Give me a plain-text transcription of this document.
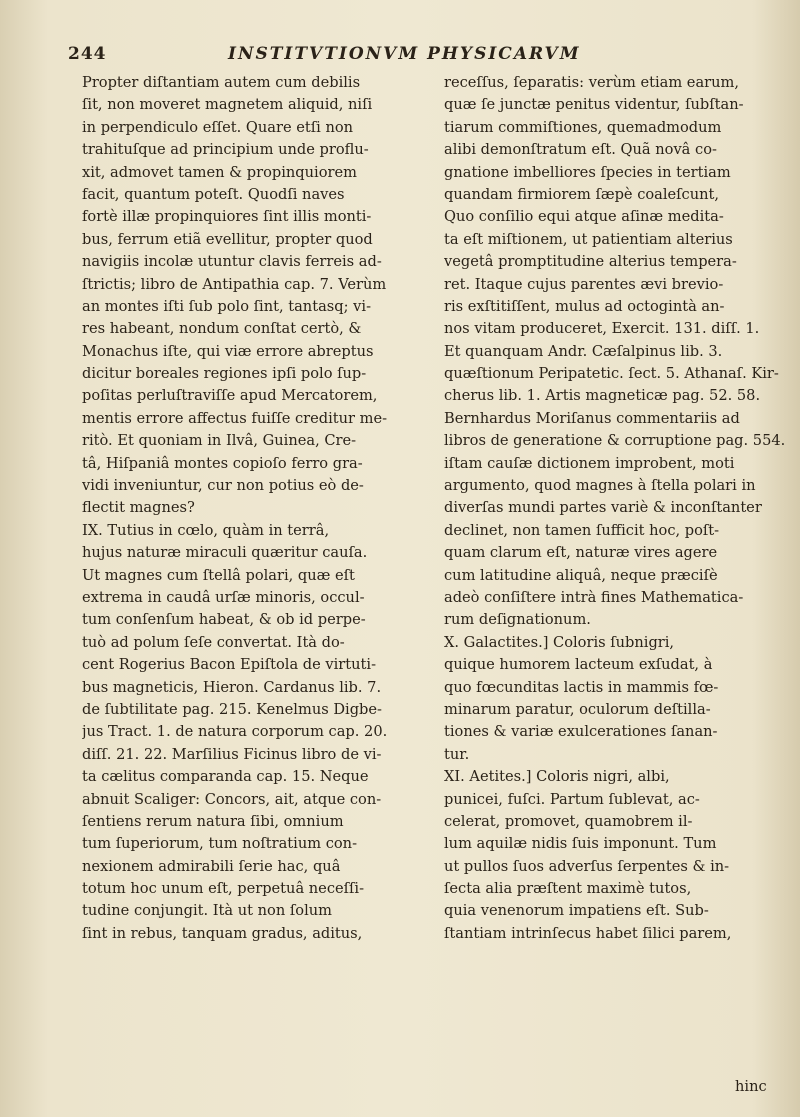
244	INSTITVTIONVM PHYSICARVM
Propter diſtantiam autem cum debilis
ſit, non moveret magnetem aliquid, niſi
in perpendiculo eſſet. Quare etſi non
trahituſque ad principium unde proflu-
xit, admovet tamen & propinquiorem
facit, quantum poteſt. Quodſi naves
fortè illæ propinquiores ſint illis monti-
bus, ferrum etiã evellitur, propter quod
navigiis incolæ utuntur clavis ferreis ad-
ſtrictis; libro de Antipathia cap. 7. Verùm
an montes iſti ſub polo ſint, tantasq; vi-
res habeant, nondum conſtat certò, &
Monachus iſte, qui viæ errore abreptus
dicitur boreales regiones ipſi polo ſup-
poſitas perluſtraviſſe apud Mercatorem,
mentis errore affectus fuiſſe creditur me-
ritò. Et quoniam in Ilvâ, Guinea, Cre-
tâ, Hiſpaniâ montes copioſo ferro gra-
vidi inveniuntur, cur non potius eò de-
flectit magnes?
IX. Tutius in cœlo, quàm in terrâ,
hujus naturæ miraculi quæritur cauſa.
Ut magnes cum ſtellâ polari, quæ eſt
extrema in caudâ urſæ minoris, occul-
tum conſenſum habeat, & ob id perpe-
tuò ad polum ſeſe convertat. Ità do-
cent Rogerius Bacon Epiſtola de virtuti-
bus magneticis, Hieron. Cardanus lib. 7.
de ſubtilitate pag. 215. Kenelmus Digbe-
jus Tract. 1. de natura corporum cap. 20.
diſſ. 21. 22. Marſilius Ficinus libro de vi-
ta cælitus comparanda cap. 15. Neque
abnuit Scaliger: Concors, ait, atque con-
ſentiens rerum natura ſibi, omnium
tum ſuperiorum, tum noſtratium con-
nexionem admirabili ſerie hac, quâ
totum hoc unum eſt, perpetuâ neceſſi-
tudine conjungit. Ità ut non ſolum
ſint in rebus, tanquam gradus, aditus,
receſſus, ſeparatis: verùm etiam earum,
quæ ſe junctæ penitus videntur, ſubſtan-
tiarum commiſtiones, quemadmodum
alibi demonſtratum eſt. Quã novâ co-
gnatione imbelliores ſpecies in tertiam
quandam firmiorem ſæpè coaleſcunt,
Quo conſilio equi atque aſinæ medita-
ta eſt miſtionem, ut patientiam alterius
vegetâ promptitudine alterius tempera-
ret. Itaque cujus parentes ævi brevio-
ris exſtitiſſent, mulus ad octogintà an-
nos vitam produceret, Exercit. 131. diſſ. 1.
Et quanquam Andr. Cæſalpinus lib. 3.
quæſtionum Peripatetic. ſect. 5. Athanaſ. Kir-
cherus lib. 1. Artis magneticæ pag. 52. 58.
Bernhardus Moriſanus commentariis ad
libros de generatione & corruptione pag. 554.
iſtam cauſæ dictionem improbent, moti
argumento, quod magnes à ſtella polari in
diverſas mundi partes variè & inconſtanter
declinet, non tamen ſufficit hoc, poſt-
quam clarum eſt, naturæ vires agere
cum latitudine aliquâ, neque præciſè
adeò conſiſtere intrà fines Mathematica-
rum deſignationum.
X. Galactites.] Coloris ſubnigri,
quique humorem lacteum exſudat, à
quo fœcunditas lactis in mammis fœ-
minarum paratur, oculorum deſtilla-
tiones & variæ exulcerationes ſanan-
tur.
XI. Aetites.] Coloris nigri, albi,
punicei, fuſci. Partum ſublevat, ac-
celerat, promovet, quamobrem il-
lum aquilæ nidis ſuis imponunt. Tum
ut pullos ſuos adverſus ſerpentes & in-
ſecta alia præſtent maximè tutos,
quia venenorum impatiens eſt. Sub-
ſtantiam intrinſecus habet ſilici parem,
hinc
